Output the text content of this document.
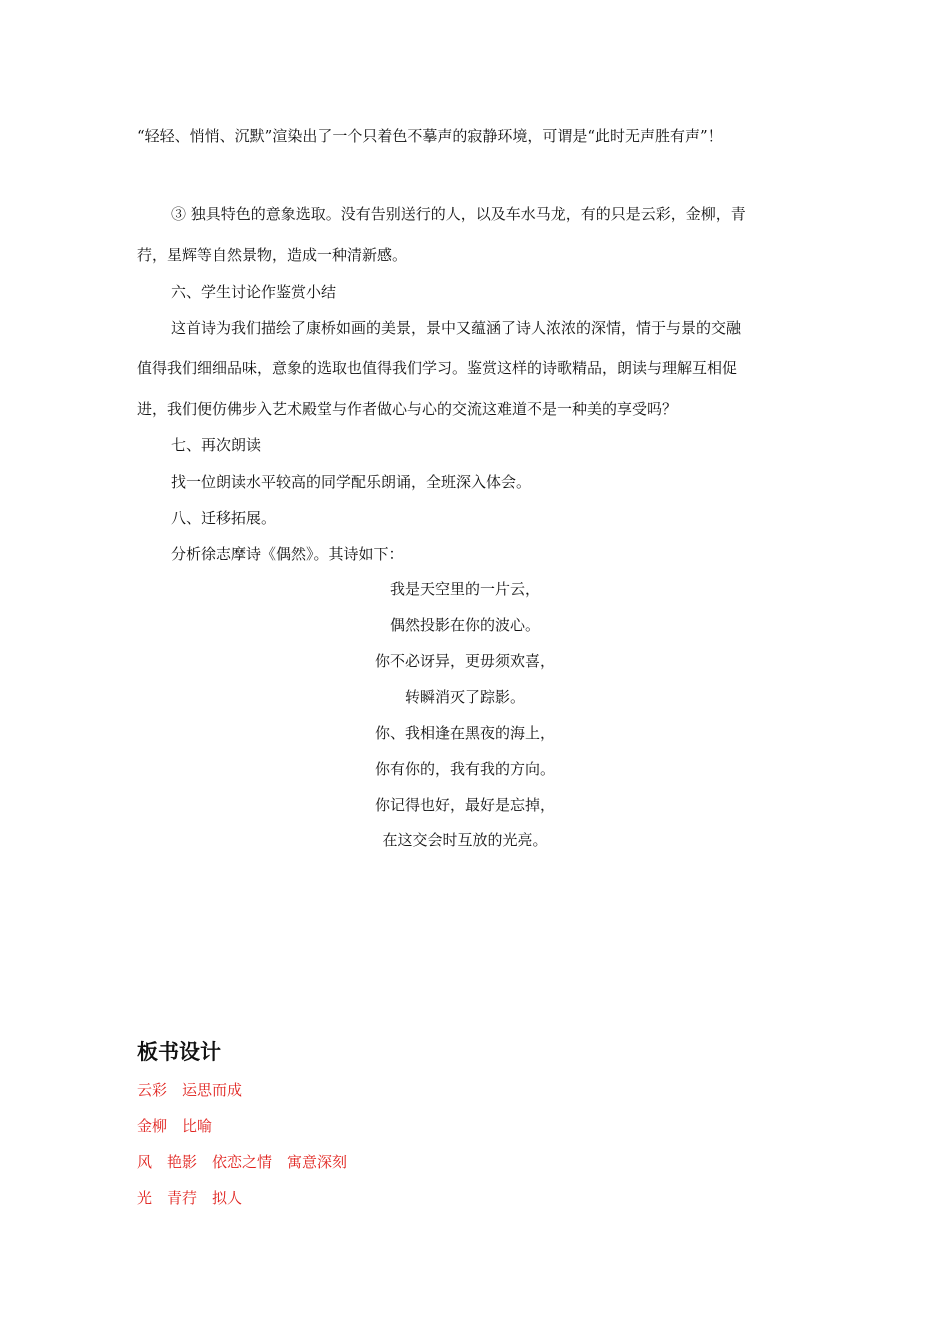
“轻轻、悄悄、沉默”渲染出了一个只着色不摹声的寂静环境，可谓是“此时无声胜有声”！

③ 独具特色的意象选取。没有告别送行的人，以及车水马龙，有的只是云彩，金柳，青

荇，星辉等自然景物，造成一种清新感。

六、学生讨论作鉴赏小结

这首诗为我们描绘了康桥如画的美景，景中又蕴涵了诗人浓浓的深情，情于与景的交融

值得我们细细品味，意象的选取也值得我们学习。鉴赏这样的诗歌精品，朗读与理解互相促

进，我们便仿佛步入艺术殿堂与作者做心与心的交流这难道不是一种美的享受吗？

七、再次朗读

找一位朗读水平较高的同学配乐朗诵，全班深入体会。

八、迁移拓展。

分析徐志摩诗《偶然》。其诗如下：

我是天空里的一片云，

偶然投影在你的波心。

你不必讶异，更毋须欢喜，

转瞬消灭了踪影。

你、我相逢在黑夜的海上，

你有你的，我有我的方向。

你记得也好，最好是忘掉，

在这交会时互放的光亮。

板书设计

云彩　运思而成

金柳　比喻

风　艳影　依恋之情　寓意深刻

光　青荇　拟人
